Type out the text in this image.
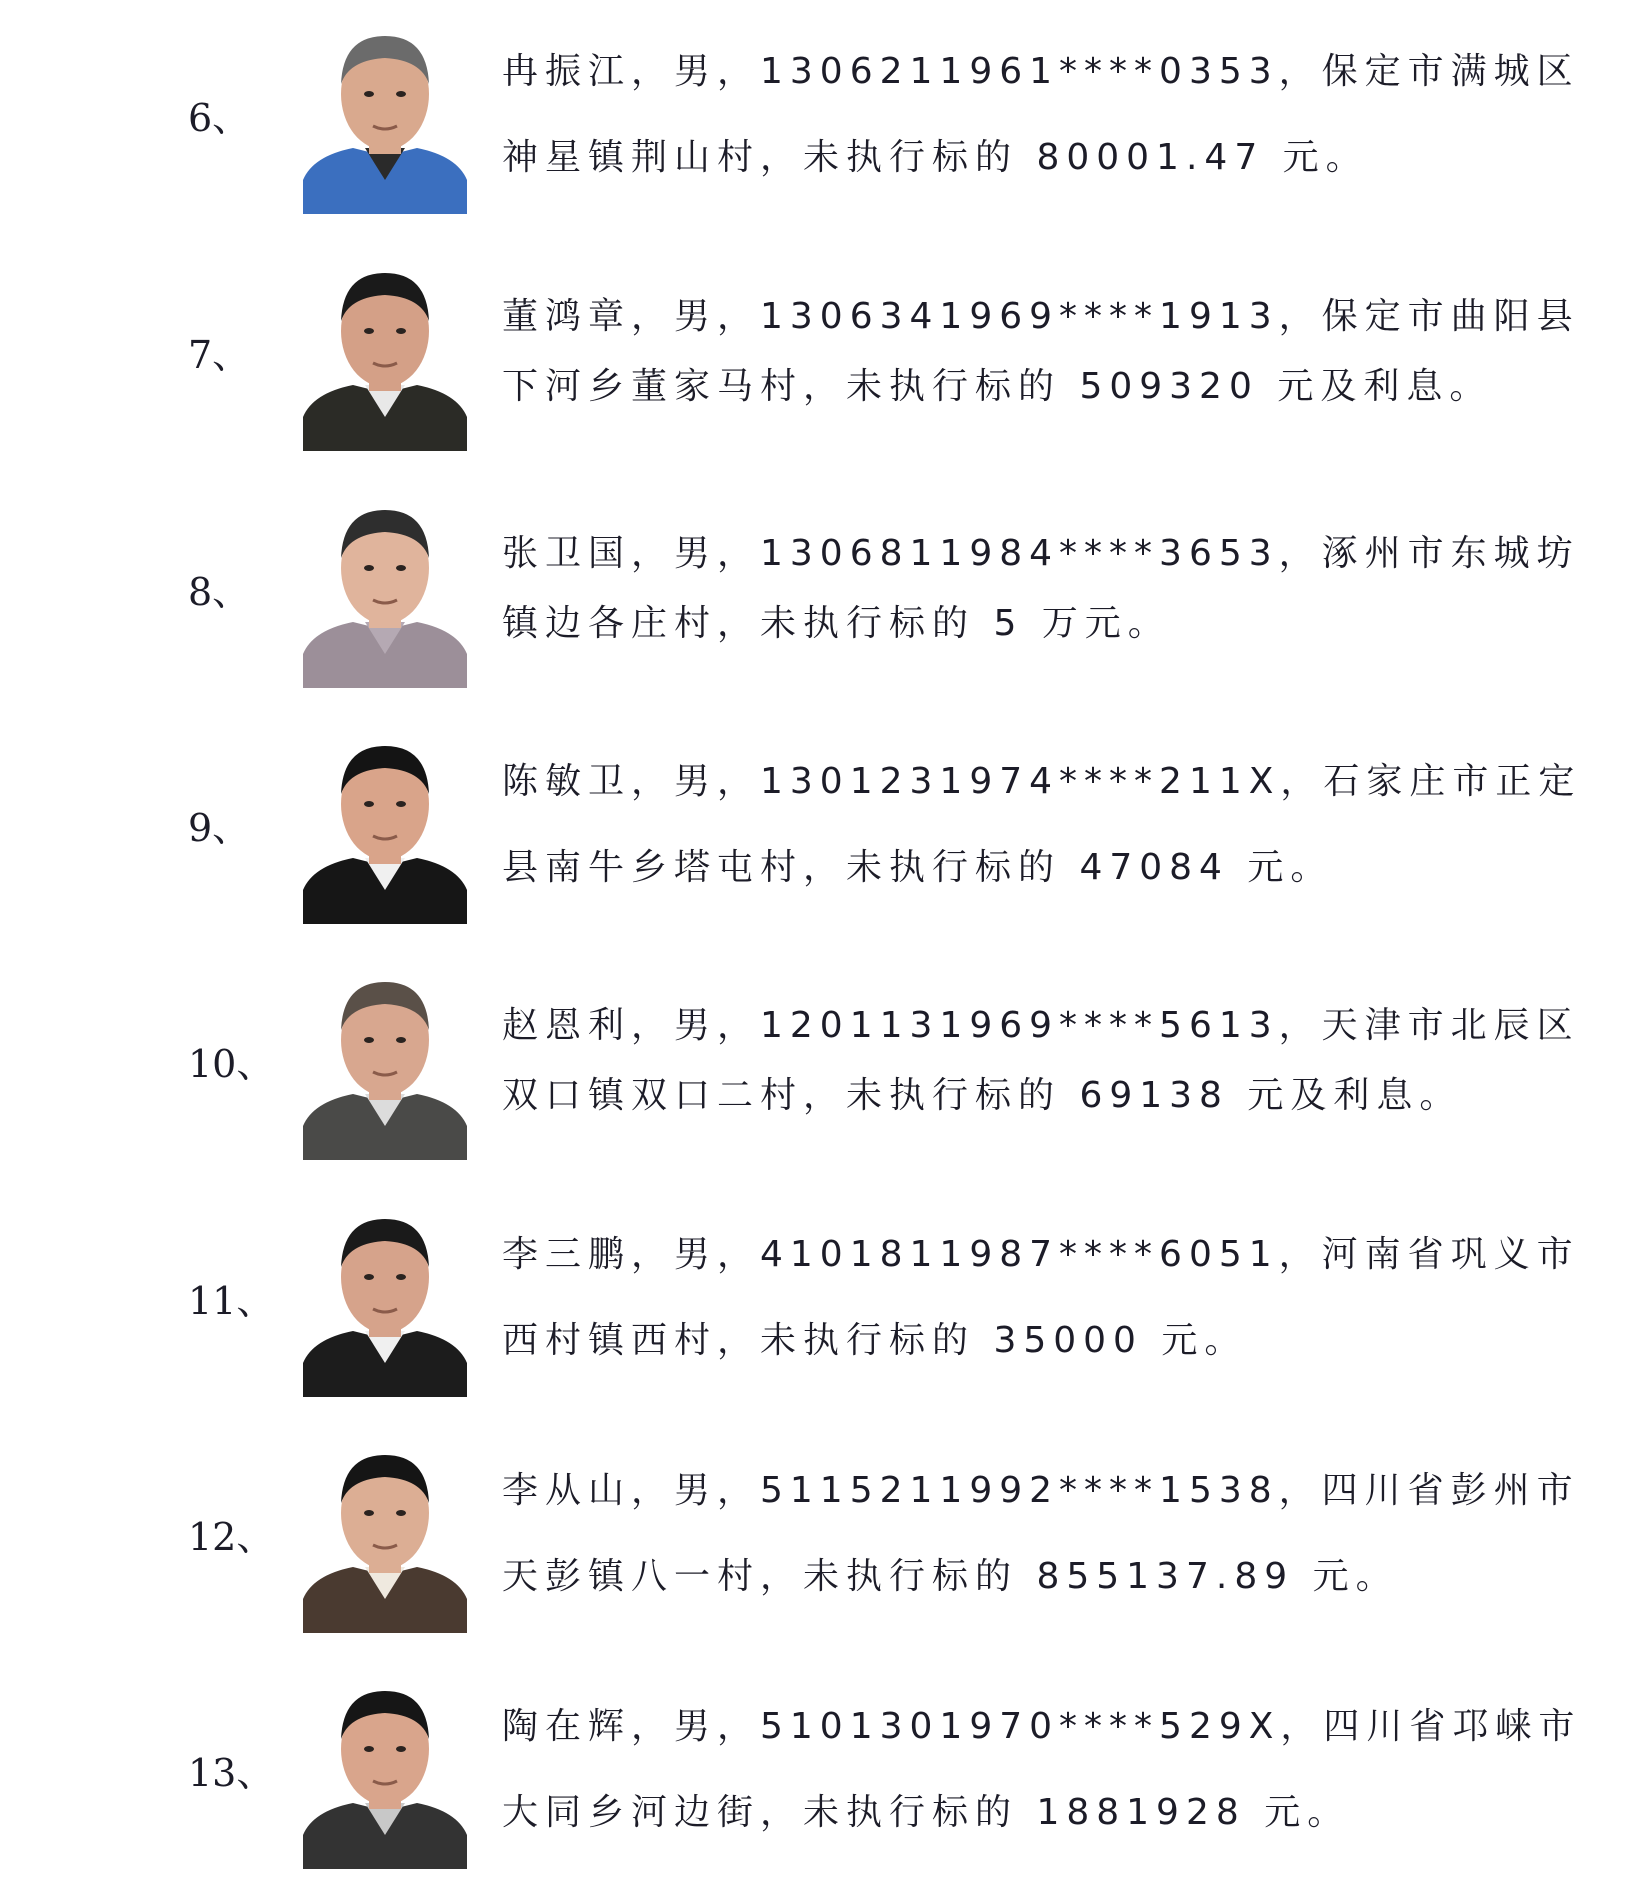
6、
冉振江，男，1306211961****0353，保定市满城区
神星镇荆山村，未执行标的 80001.47 元。
7、
董鸿章，男，1306341969****1913，保定市曲阳县
下河乡董家马村，未执行标的 509320 元及利息。
8、
张卫国，男，1306811984****3653，涿州市东城坊
镇边各庄村，未执行标的 5 万元。
9、
陈敏卫，男，1301231974****211X，石家庄市正定
县南牛乡塔屯村，未执行标的 47084 元。
10、
赵恩利，男，1201131969****5613，天津市北辰区
双口镇双口二村，未执行标的 69138 元及利息。
11、
李三鹏，男，4101811987****6051，河南省巩义市
西村镇西村，未执行标的 35000 元。
12、
李从山，男，5115211992****1538，四川省彭州市
天彭镇八一村，未执行标的 855137.89 元。
13、
陶在辉，男，5101301970****529X，四川省邛崃市
大同乡河边街，未执行标的 1881928 元。
